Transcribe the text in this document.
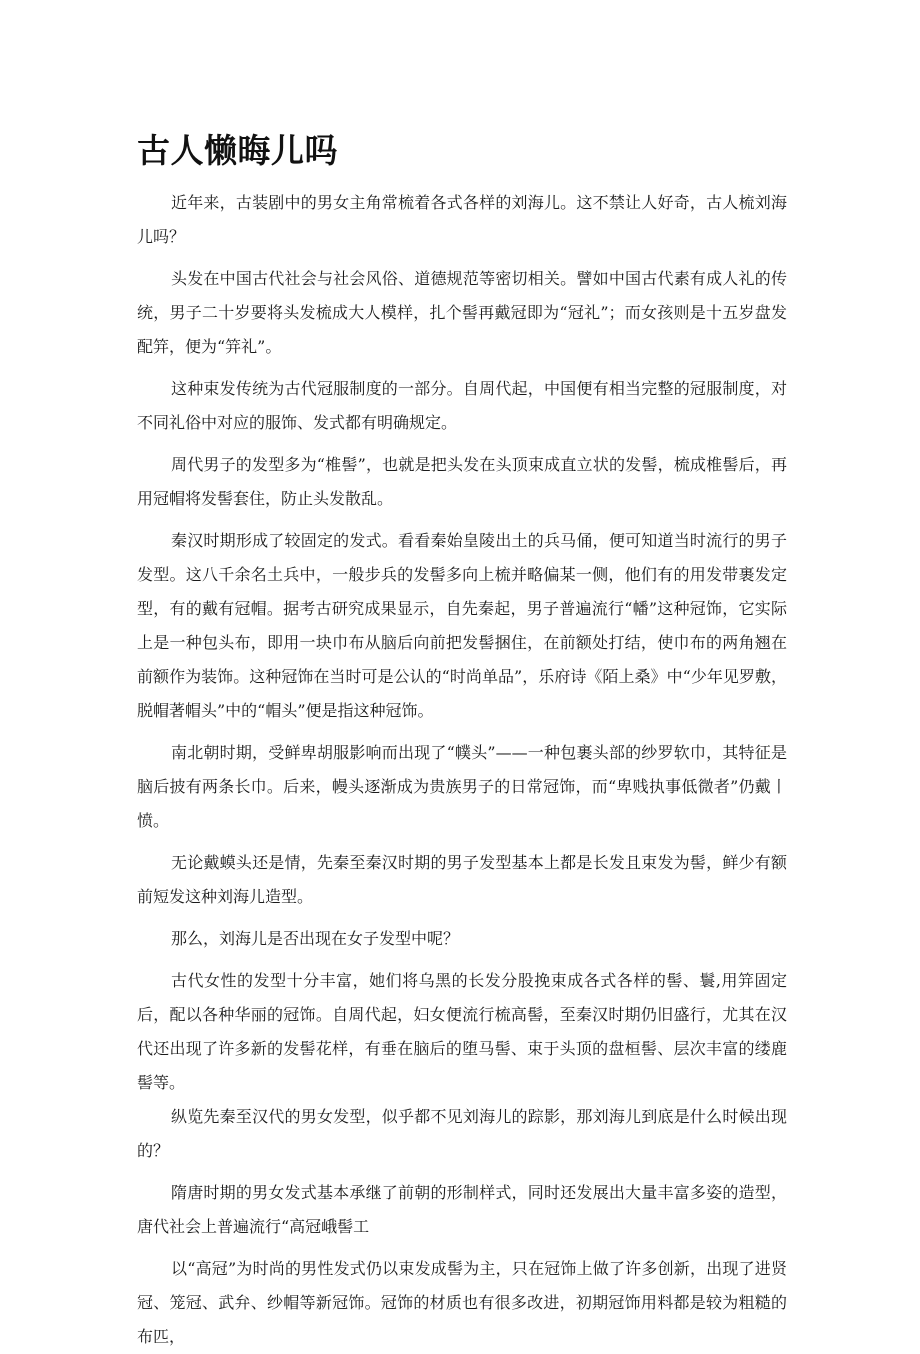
古人懒晦儿吗

近年来，古装剧中的男女主角常梳着各式各样的刘海儿。这不禁让人好奇，古人梳刘海儿吗？

头发在中国古代社会与社会风俗、道德规范等密切相关。譬如中国古代素有成人礼的传统，男子二十岁要将头发梳成大人模样，扎个髻再戴冠即为“冠礼”；而女孩则是十五岁盘发配笄，便为“笄礼”。

这种束发传统为古代冠服制度的一部分。自周代起，中国便有相当完整的冠服制度，对不同礼俗中对应的服饰、发式都有明确规定。

周代男子的发型多为“椎髻”，也就是把头发在头顶束成直立状的发髻，梳成椎髻后，再用冠帽将发髻套住，防止头发散乱。

秦汉时期形成了较固定的发式。看看秦始皇陵出土的兵马俑，便可知道当时流行的男子发型。这八千余名土兵中，一般步兵的发髻多向上梳并略偏某一侧，他们有的用发带裹发定型，有的戴有冠帽。据考古研究成果显示，自先秦起，男子普遍流行“幡”这种冠饰，它实际上是一种包头布，即用一块巾布从脑后向前把发髻捆住，在前额处打结，使巾布的两角翘在前额作为装饰。这种冠饰在当时可是公认的“时尚单品”，乐府诗《陌上桑》中“少年见罗敷，脱帽著帽头”中的“帽头”便是指这种冠饰。

南北朝时期，受鲜卑胡服影响而出现了“幞头”——一种包裹头部的纱罗软巾，其特征是脑后披有两条长巾。后来，幔头逐渐成为贵族男子的日常冠饰，而“卑贱执事低微者”仍戴丨愤。

无论戴蟆头还是情，先秦至秦汉时期的男子发型基本上都是长发且束发为髻，鲜少有额前短发这种刘海儿造型。

那么，刘海儿是否出现在女子发型中呢？

古代女性的发型十分丰富，她们将乌黑的长发分股挽束成各式各样的髻、鬟,用笄固定后，配以各种华丽的冠饰。自周代起，妇女便流行梳高髻，至秦汉时期仍旧盛行，尤其在汉代还出现了许多新的发髻花样，有垂在脑后的堕马髻、束于头顶的盘桓髻、层次丰富的缕鹿髻等。

纵览先秦至汉代的男女发型，似乎都不见刘海儿的踪影，那刘海儿到底是什么时候出现的？

隋唐时期的男女发式基本承继了前朝的形制样式，同时还发展出大量丰富多姿的造型，唐代社会上普遍流行“高冠峨髻工

以“高冠”为时尚的男性发式仍以束发成髻为主，只在冠饰上做了许多创新，出现了进贤冠、笼冠、武弁、纱帽等新冠饰。冠饰的材质也有很多改进，初期冠饰用料都是较为粗糙的布匹，
